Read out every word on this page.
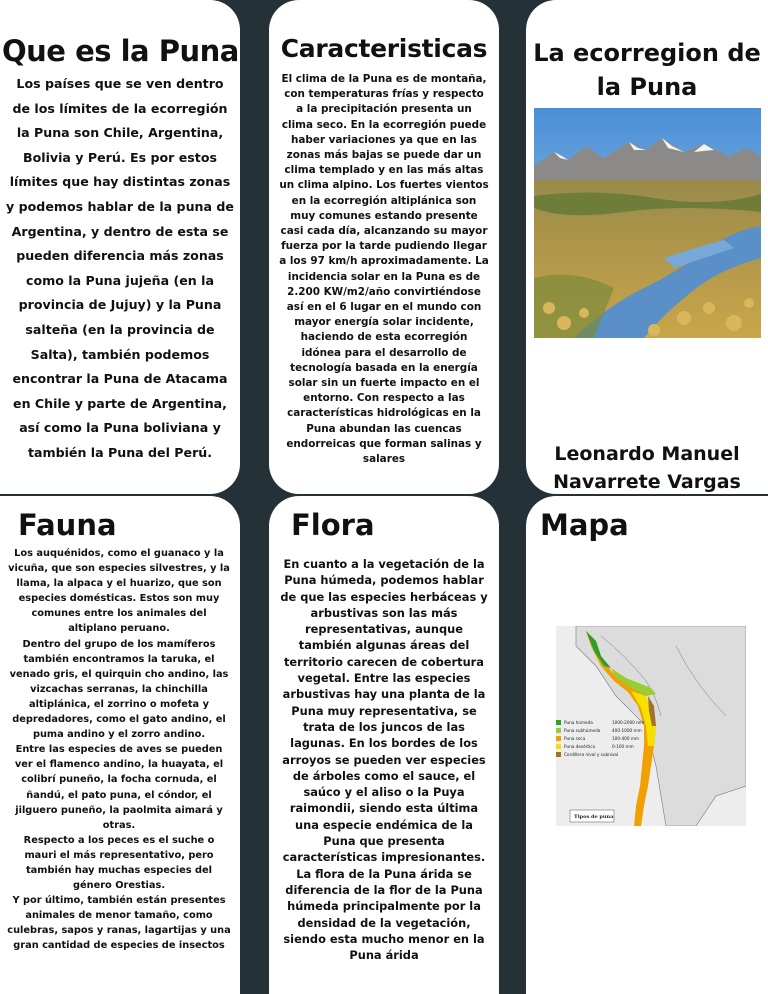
Que es la Puna
Los países que se ven dentro de los límites de la ecorregión la Puna son Chile, Argentina, Bolivia y Perú. Es por estos límites que hay distintas zonas y podemos hablar de la puna de Argentina, y dentro de esta se pueden diferencia más zonas como la Puna jujeña (en la provincia de Jujuy) y la Puna salteña (en la provincia de Salta), también podemos encontrar la Puna de Atacama en Chile y parte de Argentina, así como la Puna boliviana y también la Puna del Perú.
Caracteristicas
El clima de la Puna es de montaña, con temperaturas frías y respecto a la precipitación presenta un clima seco. En la ecorregión puede haber variaciones ya que en las zonas más bajas se puede dar un clima templado y en las más altas un clima alpino. Los fuertes vientos en la ecorregión altiplánica son muy comunes estando presente casi cada día, alcanzando su mayor fuerza por la tarde pudiendo llegar a los 97 km/h aproximadamente. La incidencia solar en la Puna es de 2.200 KW/m2/año convirtiéndose así en el 6 lugar en el mundo con mayor energía solar incidente, haciendo de esta ecorregión idónea para el desarrollo de tecnología basada en la energía solar sin un fuerte impacto en el entorno. Con respecto a las características hidrológicas en la Puna abundan las cuencas endorreicas que forman salinas y salares
La ecorregion de la Puna
Leonardo Manuel Navarrete Vargas
Fauna
Los auquénidos, como el guanaco y la vicuña, que son especies silvestres, y la llama, la alpaca y el huarizo, que son especies domésticas. Estos son muy comunes entre los animales del altiplano peruano.
Dentro del grupo de los mamíferos también encontramos la taruka, el venado gris, el quirquin cho andino, las vizcachas serranas, la chinchilla altiplánica, el zorrino o mofeta y depredadores, como el gato andino, el puma andino y el zorro andino.
Entre las especies de aves se pueden ver el flamenco andino, la huayata, el colibrí puneño, la focha cornuda, el ñandú, el pato puna, el cóndor, el jilguero puneño, la paolmita aimará y otras.
Respecto a los peces es el suche o mauri el más representativo, pero también hay muchas especies del género Orestias.
Y por último, también están presentes animales de menor tamaño, como culebras, sapos y ranas, lagartijas y una gran cantidad de especies de insectos
Flora
En cuanto a la vegetación de la Puna húmeda, podemos hablar de que las especies herbáceas y arbustivas son las más representativas, aunque también algunas áreas del territorio carecen de cobertura vegetal. Entre las especies arbustivas hay una planta de la Puna muy representativa, se trata de los juncos de las lagunas. En los bordes de los arroyos se pueden ver especies de árboles como el sauce, el saúco y el aliso o la Puya raimondii, siendo esta última una especie endémica de la Puna que presenta características impresionantes. La flora de la Puna árida se diferencia de la flor de la Puna húmeda principalmente por la densidad de la vegetación, siendo esta mucho menor en la Puna árida
Mapa
Puna húmeda	1000-2000 mm
Puna subhúmeda	400-1000 mm
Puna seca	100-400 mm
Puna desértica	0-100 mm
Cordillera nival y subnival
Tipos de puna
